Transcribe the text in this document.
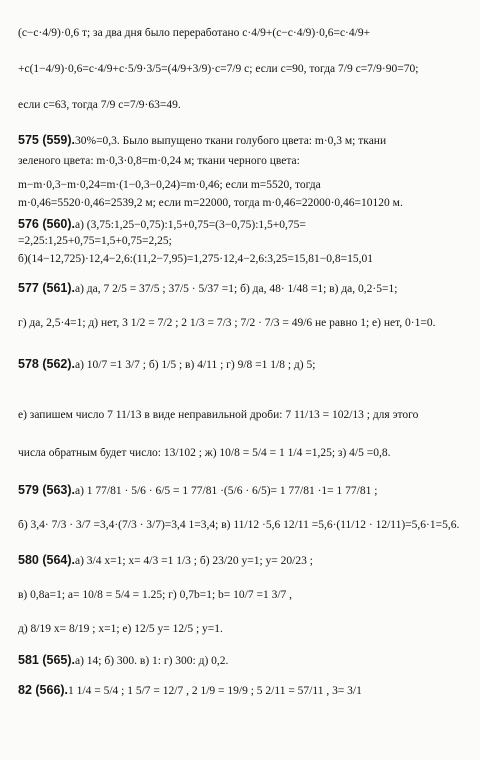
(c−c·4/9)·0,6 т; за два дня было переработано c·4/9+(c−c·4/9)·0,6=c·4/9+
+c(1−4/9)·0,6=c·4/9+c·5/9·3/5=(4/9+3/9)·c=7/9 c; если c=90, тогда 7/9 c=7/9·90=70;
если c=63, тогда 7/9 c=7/9·63=49.
575 (559).30%=0,3. Было выпущено ткани голубого цвета: m·0,3 м; ткани
зеленого цвета: m·0,3·0,8=m·0,24 м; ткани черного цвета:
m−m·0,3−m·0,24=m·(1−0,3−0,24)=m·0,46; если m=5520, тогда
m·0,46=5520·0,46=2539,2 м; если m=22000, тогда m·0,46=22000·0,46=10120 м.
576 (560).а) (3,75:1,25−0,75):1,5+0,75=(3−0,75):1,5+0,75=
=2,25:1,25+0,75=1,5+0,75=2,25;
б)(14−12,725)·12,4−2,6:(11,2−7,95)=1,275·12,4−2,6:3,25=15,81−0,8=15,01
577 (561).а) да, 7 2/5 = 37/5 ; 37/5 · 5/37 =1; б) да, 48· 1/48 =1; в) да, 0,2·5=1;
г) да, 2,5·4=1; д) нет, 3 1/2 = 7/2 ; 2 1/3 = 7/3 ; 7/2 · 7/3 = 49/6 не равно 1; е) нет, 0·1=0.
578 (562).а) 10/7 =1 3/7 ; б) 1/5 ; в) 4/11 ; г) 9/8 =1 1/8 ; д) 5;
е) запишем число 7 11/13 в виде неправильной дроби: 7 11/13 = 102/13 ; для этого
числа обратным будет число: 13/102 ; ж) 10/8 = 5/4 = 1 1/4 =1,25; з) 4/5 =0,8.
579 (563).а) 1 77/81 · 5/6 · 6/5 = 1 77/81 ·(5/6 · 6/5)= 1 77/81 ·1= 1 77/81 ;
б) 3,4· 7/3 · 3/7 =3,4·(7/3 · 3/7)=3,4 1=3,4; в) 11/12 ·5,6 12/11 =5,6·(11/12 · 12/11)=5,6·1=5,6.
580 (564).а) 3/4 x=1; x= 4/3 =1 1/3 ; б) 23/20 y=1; y= 20/23 ;
в) 0,8a=1; a= 10/8 = 5/4 = 1.25; г) 0,7b=1; b= 10/7 =1 3/7 ,
д) 8/19 x= 8/19 ; x=1; е) 12/5 y= 12/5 ; y=1.
581 (565).а) 14; б) 300. в) 1: г) 300: д) 0,2.
82 (566).1 1/4 = 5/4 ; 1 5/7 = 12/7 , 2 1/9 = 19/9 ; 5 2/11 = 57/11 , 3= 3/1
